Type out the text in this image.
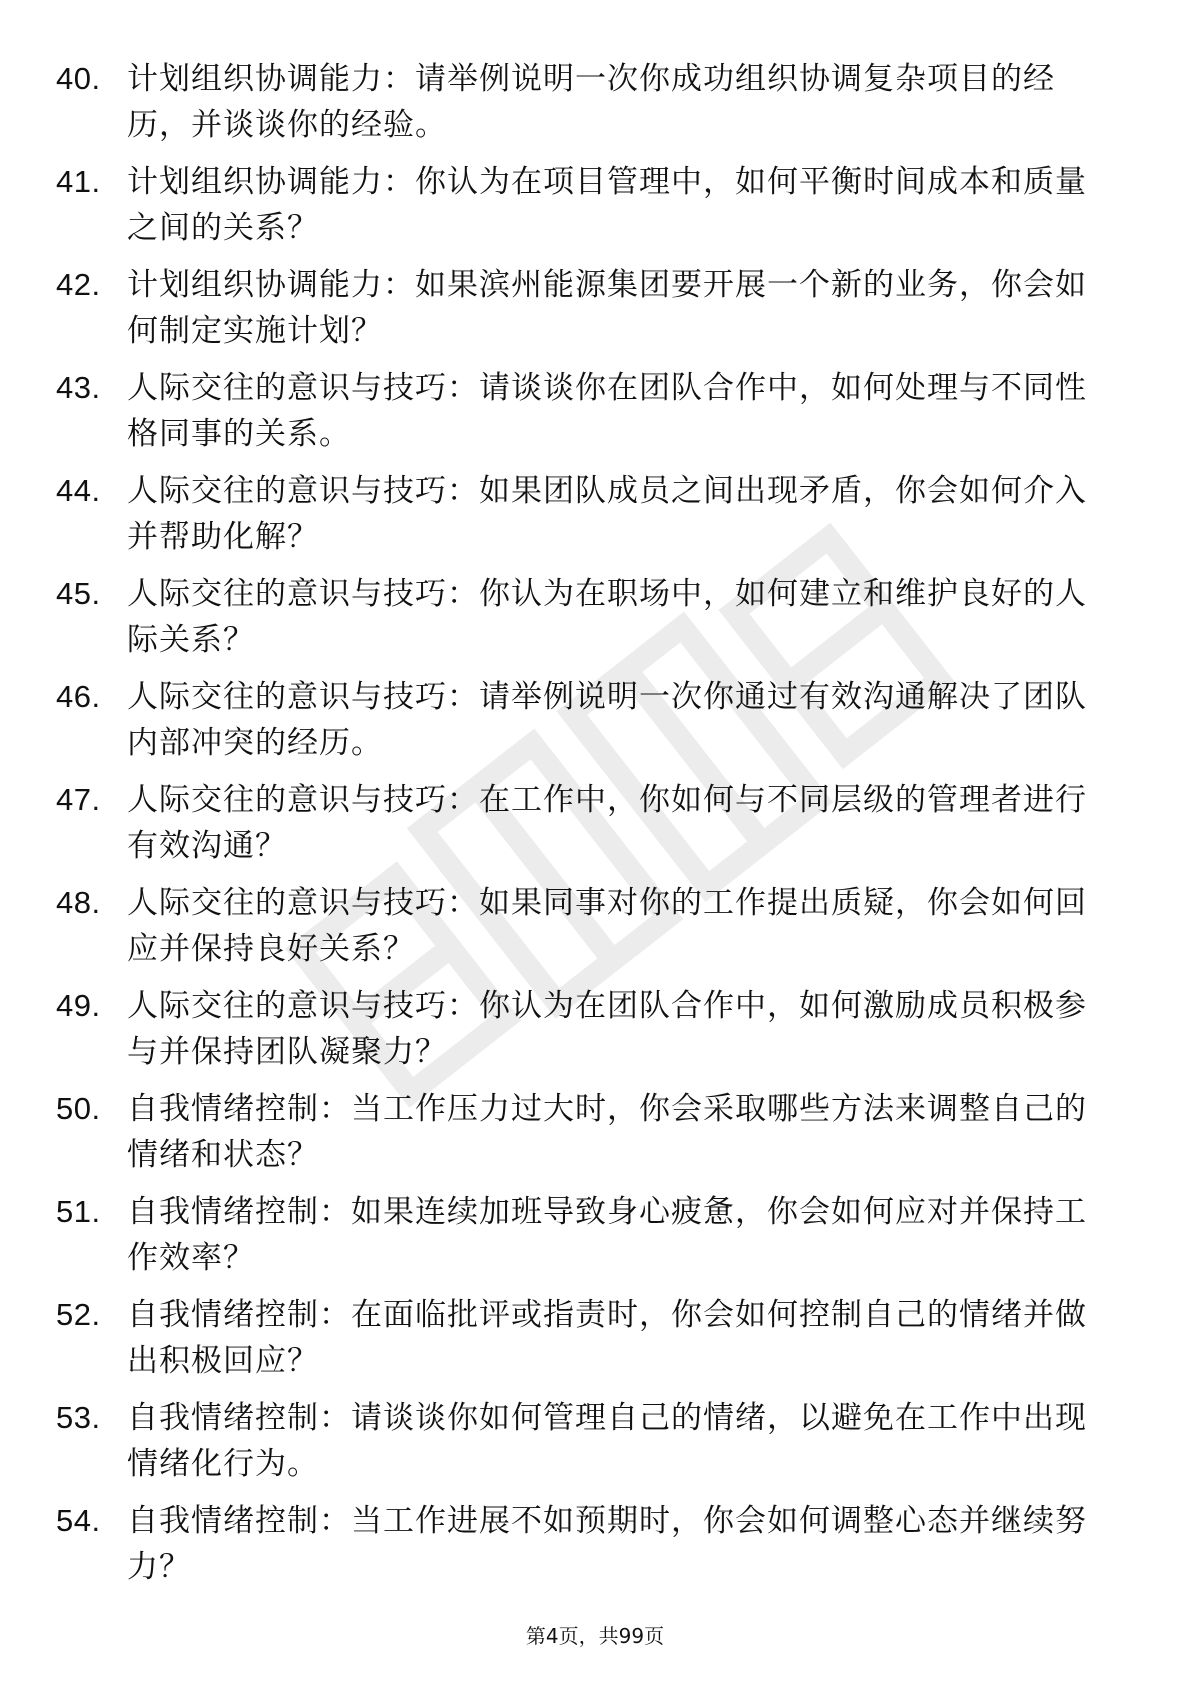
40. 计划组织协调能力：请举例说明一次你成功组织协调复杂项目的经历，并谈谈你的经验。
41. 计划组织协调能力：你认为在项目管理中，如何平衡时间成本和质量之间的关系？
42. 计划组织协调能力：如果滨州能源集团要开展一个新的业务，你会如何制定实施计划？
43. 人际交往的意识与技巧：请谈谈你在团队合作中，如何处理与不同性格同事的关系。
44. 人际交往的意识与技巧：如果团队成员之间出现矛盾，你会如何介入并帮助化解？
45. 人际交往的意识与技巧：你认为在职场中，如何建立和维护良好的人际关系？
46. 人际交往的意识与技巧：请举例说明一次你通过有效沟通解决了团队内部冲突的经历。
47. 人际交往的意识与技巧：在工作中，你如何与不同层级的管理者进行有效沟通？
48. 人际交往的意识与技巧：如果同事对你的工作提出质疑，你会如何回应并保持良好关系？
49. 人际交往的意识与技巧：你认为在团队合作中，如何激励成员积极参与并保持团队凝聚力？
50. 自我情绪控制：当工作压力过大时，你会采取哪些方法来调整自己的情绪和状态？
51. 自我情绪控制：如果连续加班导致身心疲惫，你会如何应对并保持工作效率？
52. 自我情绪控制：在面临批评或指责时，你会如何控制自己的情绪并做出积极回应？
53. 自我情绪控制：请谈谈你如何管理自己的情绪，以避免在工作中出现情绪化行为。
54. 自我情绪控制：当工作进展不如预期时，你会如何调整心态并继续努力？
第4页，共99页
